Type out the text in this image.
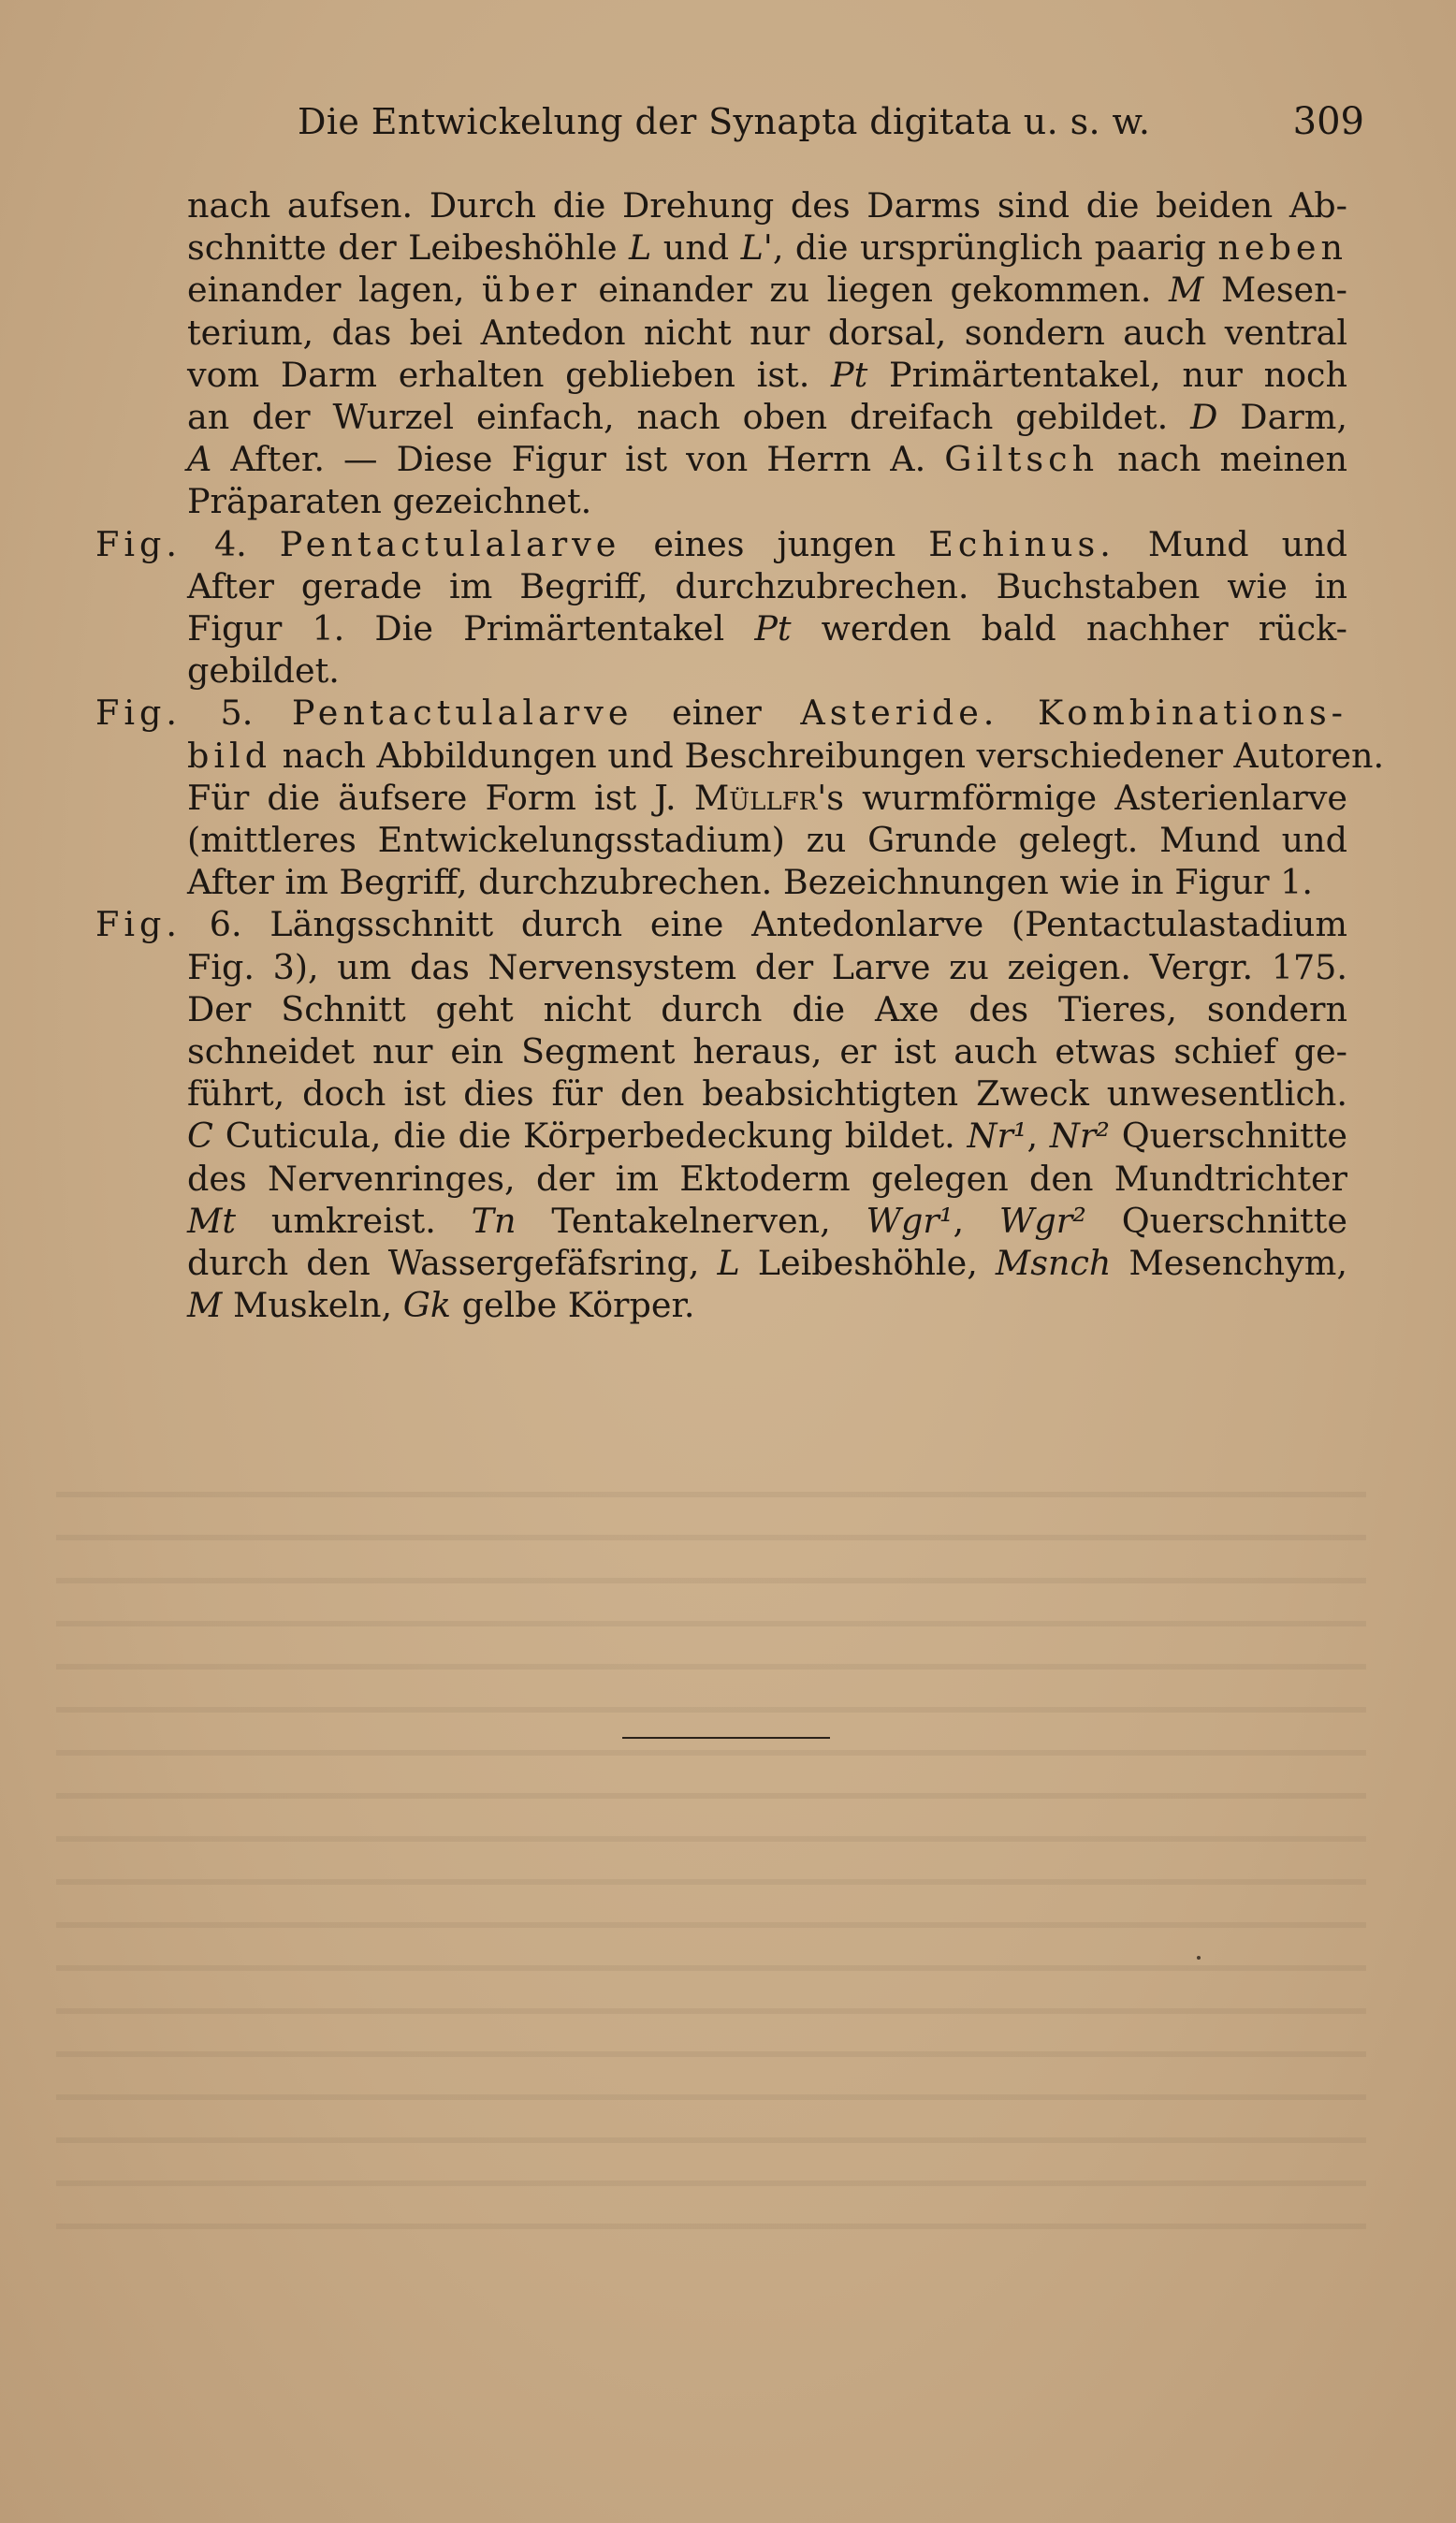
Die Entwickelung der Synapta digitata u. s. w.	309
nach aufsen. Durch die Drehung des Darms sind die beiden Ab-
schnitte der Leibeshöhle L und L', die ursprünglich paarig neben
einander lagen, über einander zu liegen gekommen. M Mesen-
terium, das bei Antedon nicht nur dorsal, sondern auch ventral
vom Darm erhalten geblieben ist. Pt Primärtentakel, nur noch
an der Wurzel einfach, nach oben dreifach gebildet. D Darm,
A After. — Diese Figur ist von Herrn A. Giltsch nach meinen
Präparaten gezeichnet.
Fig. 4. Pentactulalarve eines jungen Echinus. Mund und
After gerade im Begriff, durchzubrechen. Buchstaben wie in
Figur 1. Die Primärtentakel Pt werden bald nachher rück-
gebildet.
Fig. 5. Pentactulalarve einer Asteride. Kombinations-
bild nach Abbildungen und Beschreibungen verschiedener Autoren.
Für die äufsere Form ist J. Müllfr's wurmförmige Asterienlarve
(mittleres Entwickelungsstadium) zu Grunde gelegt. Mund und
After im Begriff, durchzubrechen. Bezeichnungen wie in Figur 1.
Fig. 6. Längsschnitt durch eine Antedonlarve (Pentactulastadium
Fig. 3), um das Nervensystem der Larve zu zeigen. Vergr. 175.
Der Schnitt geht nicht durch die Axe des Tieres, sondern
schneidet nur ein Segment heraus, er ist auch etwas schief ge-
führt, doch ist dies für den beabsichtigten Zweck unwesentlich.
C Cuticula, die die Körperbedeckung bildet. Nr¹, Nr² Querschnitte
des Nervenringes, der im Ektoderm gelegen den Mundtrichter
Mt umkreist. Tn Tentakelnerven, Wgr¹, Wgr² Querschnitte
durch den Wassergefäfsring, L Leibeshöhle, Msnch Mesenchym,
M Muskeln, Gk gelbe Körper.
